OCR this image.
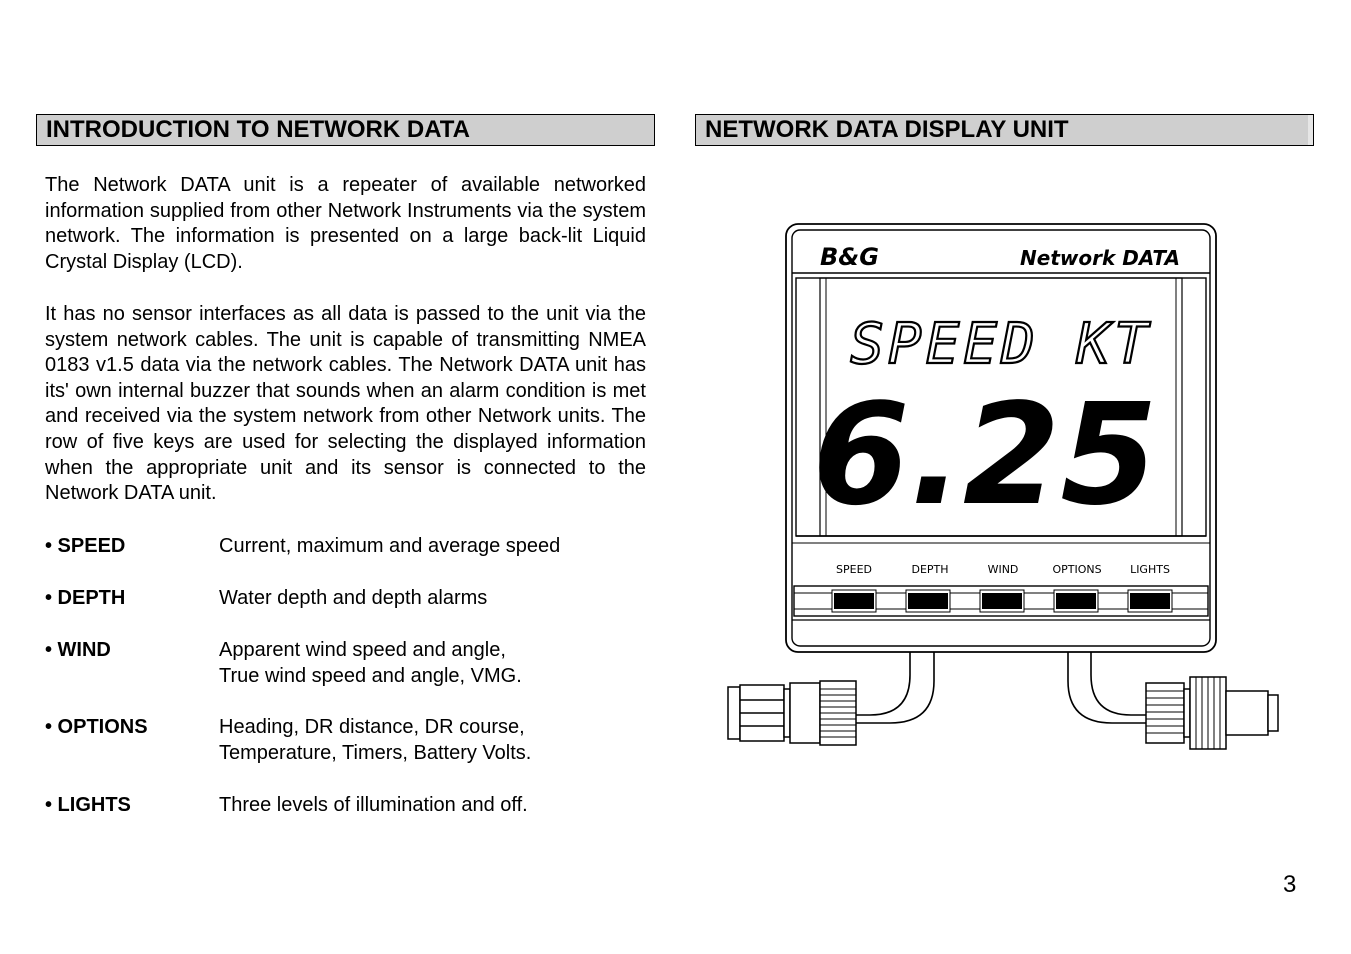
INTRODUCTION TO NETWORK DATA	NETWORK DATA DISPLAY UNIT

The Network DATA unit is a repeater of available networked information supplied from other Network Instruments via the system network. The information is presented on a large back-lit Liquid Crystal Display (LCD).

It has no sensor interfaces as all data is passed to the unit via the system network cables. The unit is capable of transmitting NMEA 0183 v1.5 data via the network cables. The Network DATA unit has its' own internal buzzer that sounds when an alarm condition is met and received via the system network from other Network units. The row of five keys are used for selecting the displayed information when the appropriate unit and its sensor is connected to the Network DATA unit.

• SPEED	Current, maximum and average speed
• DEPTH	Water depth and depth alarms
• WIND	Apparent wind speed and angle,
True wind speed and angle, VMG.
• OPTIONS	Heading, DR distance, DR course,
Temperature, Timers, Battery Volts.
• LIGHTS	Three levels of illumination and off.
3
B&G	Network DATA
SPEED KT
6.25
SPEED	DEPTH	WIND	OPTIONS	LIGHTS
